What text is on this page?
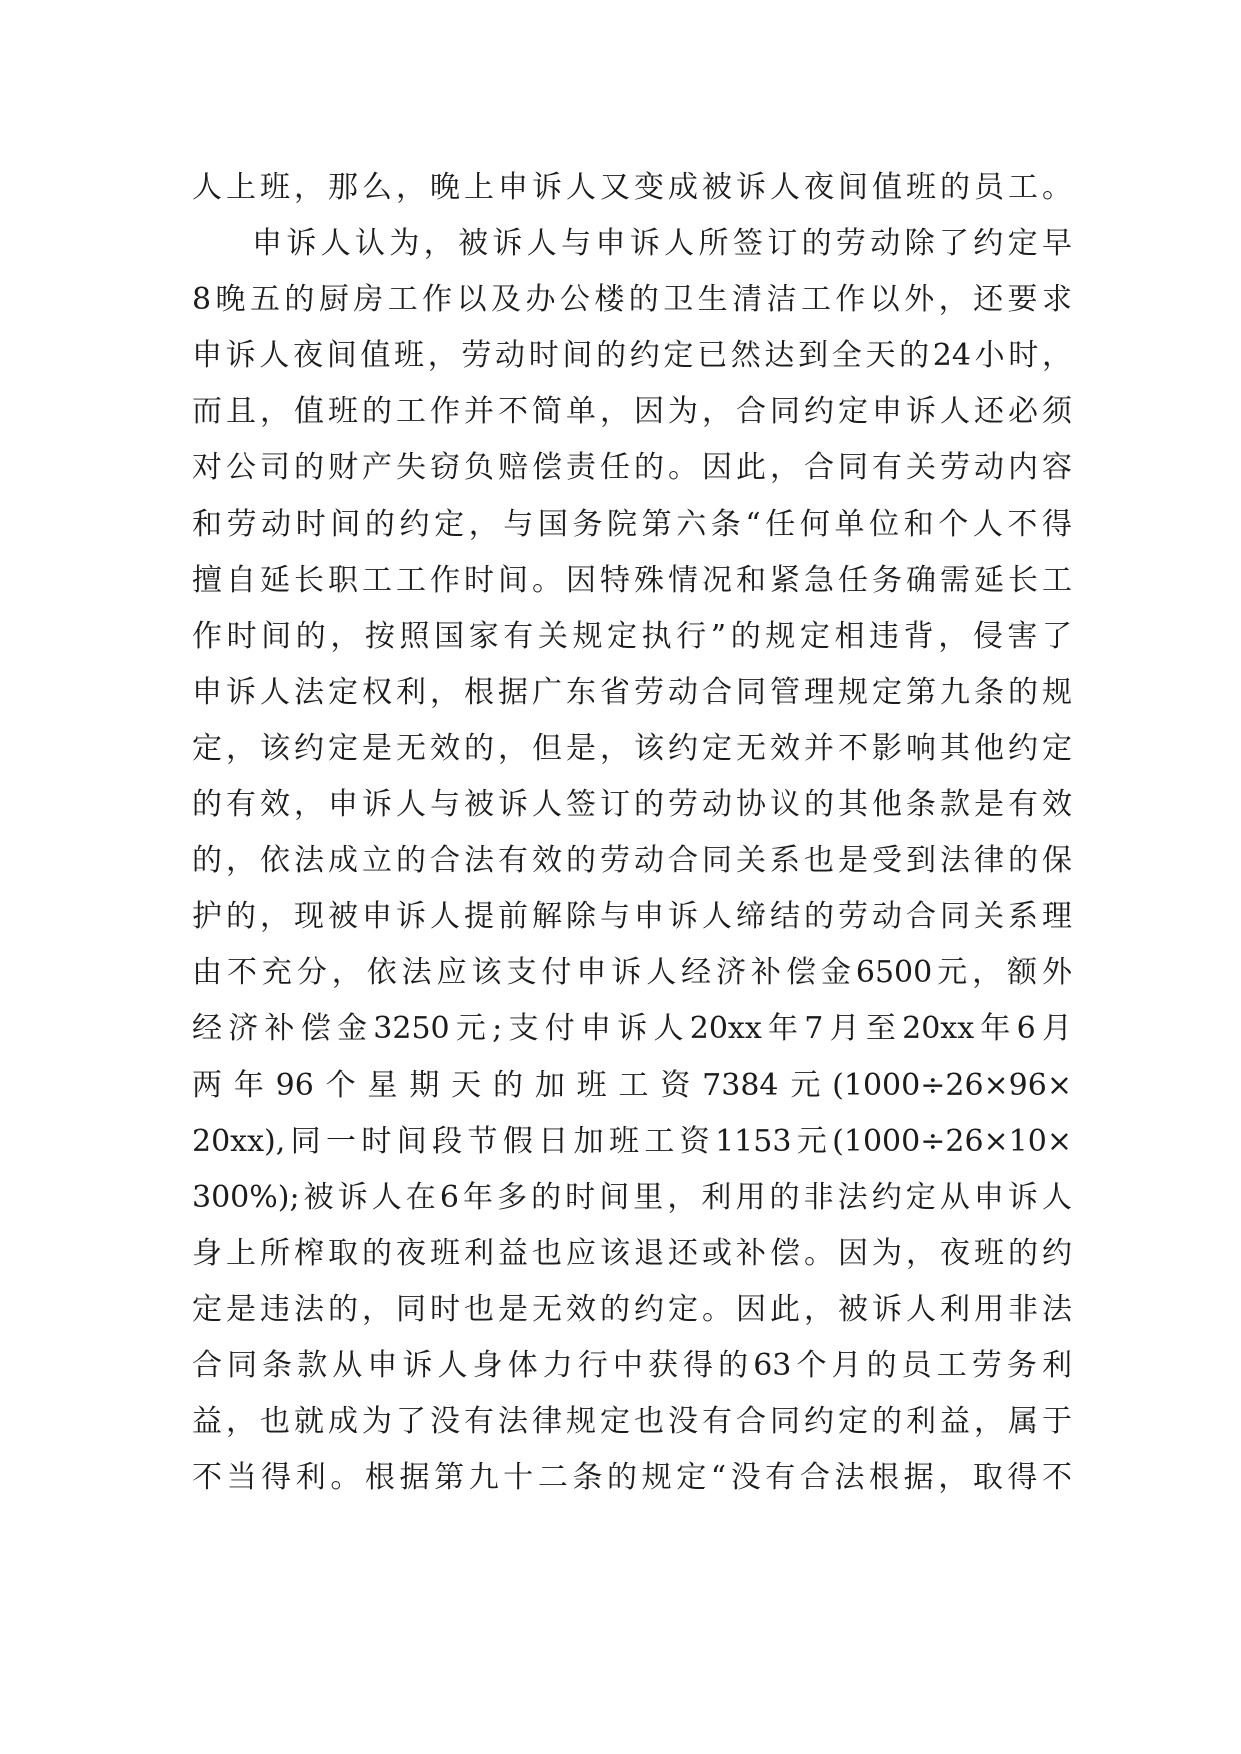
人上班，那么，晚上申诉人又变成被诉人夜间值班的员工。
申诉人认为，被诉人与申诉人所签订的劳动除了约定早
8晚五的厨房工作以及办公楼的卫生清洁工作以外，还要求
申诉人夜间值班，劳动时间的约定已然达到全天的24小时，
而且，值班的工作并不简单，因为，合同约定申诉人还必须
对公司的财产失窃负赔偿责任的。因此，合同有关劳动内容
和劳动时间的约定，与国务院第六条“任何单位和个人不得
擅自延长职工工作时间。因特殊情况和紧急任务确需延长工
作时间的，按照国家有关规定执行”的规定相违背，侵害了
申诉人法定权利，根据广东省劳动合同管理规定第九条的规
定，该约定是无效的，但是，该约定无效并不影响其他约定
的有效，申诉人与被诉人签订的劳动协议的其他条款是有效
的，依法成立的合法有效的劳动合同关系也是受到法律的保
护的，现被申诉人提前解除与申诉人缔结的劳动合同关系理
由不充分，依法应该支付申诉人经济补偿金6500元，额外
经济补偿金3250元;支付申诉人20xx年7月至20xx年6月
两年96个星期天的加班工资7384元(1000÷26×96×
20xx),同一时间段节假日加班工资1153元(1000÷26×10×
300%);被诉人在6年多的时间里，利用的非法约定从申诉人
身上所榨取的夜班利益也应该退还或补偿。因为，夜班的约
定是违法的，同时也是无效的约定。因此，被诉人利用非法
合同条款从申诉人身体力行中获得的63个月的员工劳务利
益，也就成为了没有法律规定也没有合同约定的利益，属于
不当得利。根据第九十二条的规定“没有合法根据，取得不
